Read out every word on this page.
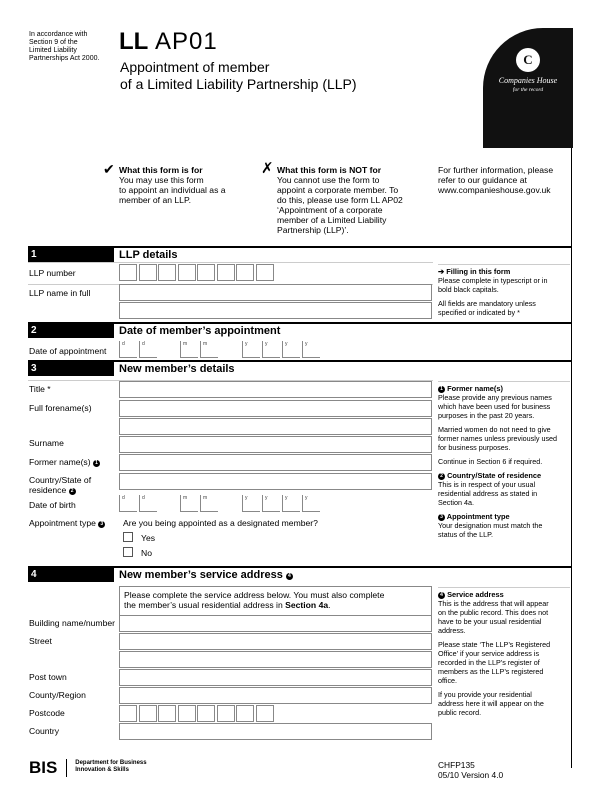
In accordance with
Section 9 of the
Limited Liability
Partnerships Act 2000.
LL AP01
Appointment of member
of a Limited Liability Partnership (LLP)
C
Companies House
for the record
✔ What this form is for
You may use this form
to appoint an individual as a
member of an LLP.
✗ What this form is NOT for
You cannot use the form to
appoint a corporate member. To
do this, please use form LL AP02
‘Appointment of a corporate
member of a Limited Liability
Partnership (LLP)’.
For further information, please
refer to our guidance at
www.companieshouse.gov.uk
1	LLP details
LLP number
LLP name in full
➔ Filling in this form
Please complete in typescript or in
bold black capitals.
All fields are mandatory unless
specified or indicated by *
2	Date of member’s appointment
Date of appointment
d	d	m	m	y	y	y	y
3	New member’s details
Title *
Full forename(s)
Surname
Former name(s) 1
Country/State of
residence 2
Date of birth
d	d	m	m	y	y	y	y
Appointment type 3 Are you being appointed as a designated member?
Yes
No
1 Former name(s)
Please provide any previous names
which have been used for business
purposes in the past 20 years.
Married women do not need to give
former names unless previously used
for business purposes.
Continue in Section 6 if required.
2 Country/State of residence
This is in respect of your usual
residential address as stated in
Section 4a.
3 Appointment type
Your designation must match the
status of the LLP.
4	New member’s service address 4
Please complete the service address below. You must also complete
the member’s usual residential address in Section 4a.
Building name/number
Street
Post town
County/Region
Postcode
Country
4 Service address
This is the address that will appear
on the public record. This does not
have to be your usual residential
address.
Please state ‘The LLP’s Registered
Office’ if your service address is
recorded in the LLP’s register of
members as the LLP’s registered
office.
If you provide your residential
address here it will appear on the
public record.
BIS	Department for Business
Innovation & Skills	CHFP135
05/10 Version 4.0
